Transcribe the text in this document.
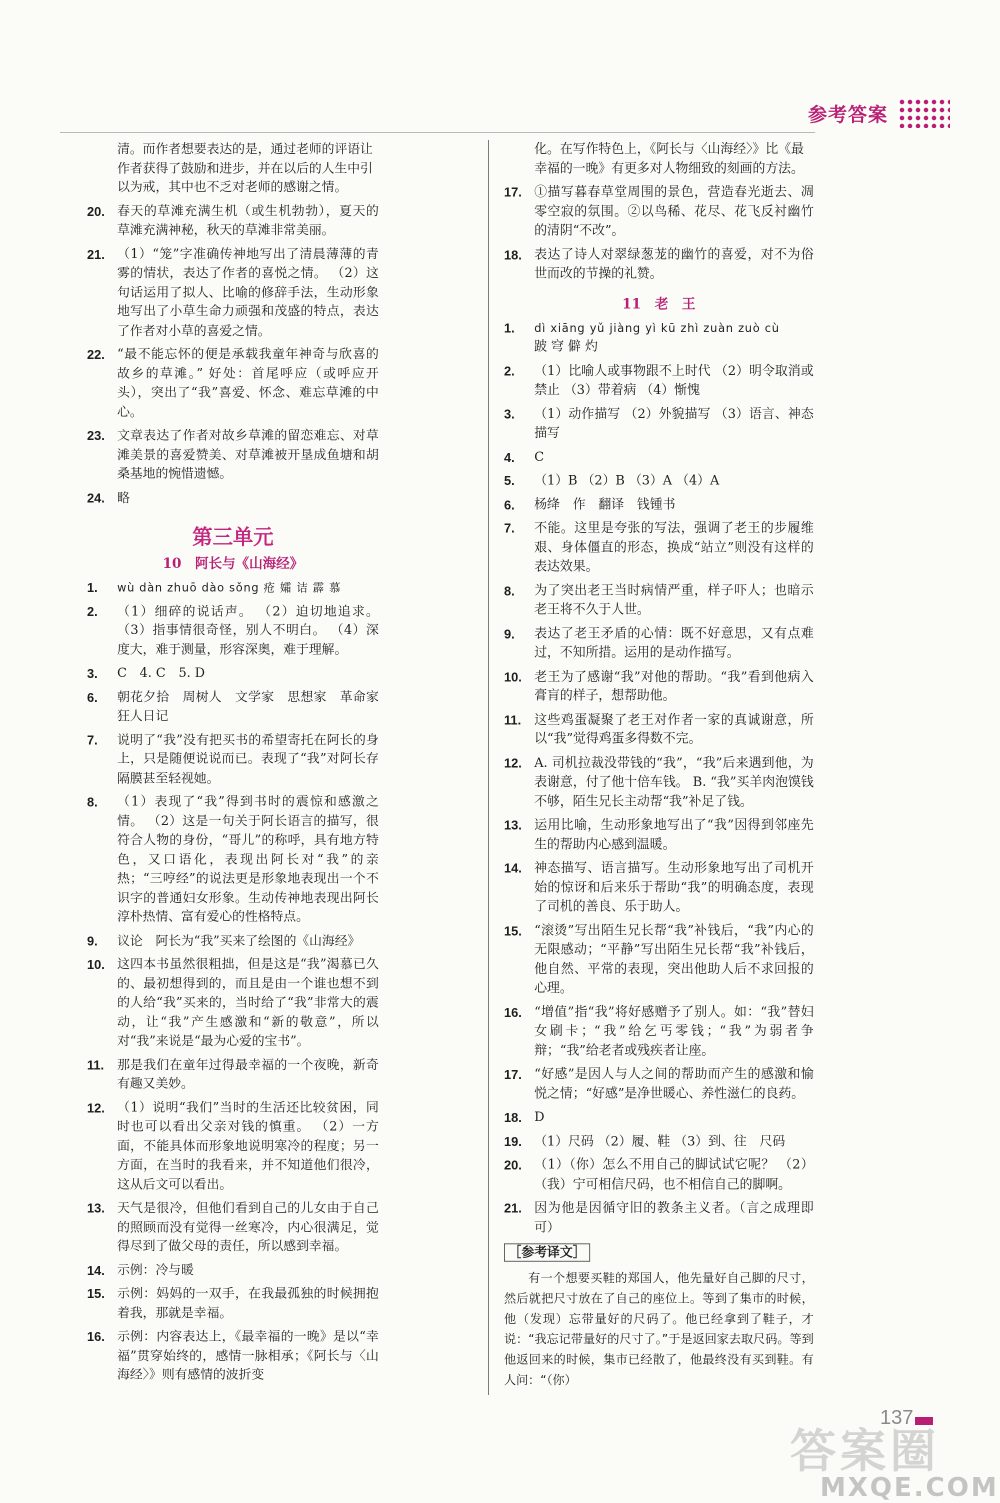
参考答案
清。而作者想要表达的是，通过老师的评语让作者获得了鼓励和进步，并在以后的人生中引以为戒，其中也不乏对老师的感谢之情。
20. 春天的草滩充满生机（或生机勃勃），夏天的草滩充满神秘，秋天的草滩非常美丽。
21. （1）“笼”字准确传神地写出了清晨薄薄的青雾的情状，表达了作者的喜悦之情。 （2）这句话运用了拟人、比喻的修辞手法，生动形象地写出了小草生命力顽强和茂盛的特点，表达了作者对小草的喜爱之情。
22. “最不能忘怀的便是承载我童年神奇与欣喜的故乡的草滩。” 好处：首尾呼应（或呼应开头），突出了“我”喜爱、怀念、难忘草滩的中心。
23. 文章表达了作者对故乡草滩的留恋难忘、对草滩美景的喜爱赞美、对草滩被开垦成鱼塘和胡桑基地的惋惜遗憾。
24. 略
第三单元
10　阿长与《山海经》
1.	wù dàn zhuō dào sǒng 疮 孀 诘 霹 慕
2.	（1）细碎的说话声。 （2）迫切地追求。 （3）指事情很奇怪，别人不明白。 （4）深度大，难于测量，形容深奥，难于理解。
3.	C　4. C　5. D
6.	朝花夕拾　周树人　文学家　思想家　革命家　狂人日记
7.	说明了“我”没有把买书的希望寄托在阿长的身上，只是随便说说而已。表现了“我”对阿长存隔膜甚至轻视她。
8.	（1）表现了“我”得到书时的震惊和感激之情。 （2）这是一句关于阿长语言的描写，很符合人物的身份，“哥儿”的称呼，具有地方特色，又口语化，表现出阿长对“我”的亲热；“三哼经”的说法更是形象地表现出一个不识字的普通妇女形象。生动传神地表现出阿长淳朴热情、富有爱心的性格特点。
9.	议论　阿长为“我”买来了绘图的《山海经》
10. 这四本书虽然很粗拙，但是这是“我”渴慕已久的、最初想得到的，而且是由一个谁也想不到的人给“我”买来的，当时给了“我”非常大的震动，让“我”产生感激和“新的敬意”，所以对“我”来说是“最为心爱的宝书”。
11. 那是我们在童年过得最幸福的一个夜晚，新奇有趣又美妙。
12. （1）说明“我们”当时的生活还比较贫困，同时也可以看出父亲对钱的慎重。 （2）一方面，不能具体而形象地说明寒冷的程度；另一方面，在当时的我看来，并不知道他们很冷，这从后文可以看出。
13. 天气是很冷，但他们看到自己的儿女由于自己的照顾而没有觉得一丝寒冷，内心很满足，觉得尽到了做父母的责任，所以感到幸福。
14. 示例：冷与暖
15. 示例：妈妈的一双手，在我最孤独的时候拥抱着我，那就是幸福。
16. 示例：内容表达上，《最幸福的一晚》是以“幸福”贯穿始终的，感情一脉相承；《阿长与〈山海经〉》则有感情的波折变
化。在写作特色上，《阿长与〈山海经〉》比《最幸福的一晚》有更多对人物细致的刻画的方法。
17. ①描写暮春草堂周围的景色，营造春光逝去、凋零空寂的氛围。②以鸟稀、花尽、花飞反衬幽竹的清阴“不改”。
18. 表达了诗人对翠绿葱茏的幽竹的喜爱，对不为俗世而改的节操的礼赞。
11　老　王
1.	dì xiāng yǔ jiàng yì kū zhì zuàn zuò cù
跛 穹 僻 灼
2.	（1）比喻人或事物跟不上时代 （2）明令取消或禁止 （3）带着病 （4）惭愧
3.	（1）动作描写 （2）外貌描写 （3）语言、神态描写
4.	C
5.	（1）B （2）B （3）A （4）A
6.	杨绛　作　翻译　钱锺书
7.	不能。这里是夸张的写法，强调了老王的步履维艰、身体僵直的形态，换成“站立”则没有这样的表达效果。
8.	为了突出老王当时病情严重，样子吓人；也暗示老王将不久于人世。
9.	表达了老王矛盾的心情：既不好意思，又有点难过，不知所措。运用的是动作描写。
10. 老王为了感谢“我”对他的帮助。“我”看到他病入膏肓的样子，想帮助他。
11. 这些鸡蛋凝聚了老王对作者一家的真诚谢意，所以“我”觉得鸡蛋多得数不完。
12. A. 司机拉裁没带钱的“我”，“我”后来遇到他，为表谢意，付了他十倍车钱。 B. “我”买羊肉泡馍钱不够，陌生兄长主动帮“我”补足了钱。
13. 运用比喻，生动形象地写出了“我”因得到邻座先生的帮助内心感到温暖。
14. 神态描写、语言描写。生动形象地写出了司机开始的惊讶和后来乐于帮助“我”的明确态度，表现了司机的善良、乐于助人。
15. “滚烫”写出陌生兄长帮“我”补钱后，“我”内心的无限感动；“平静”写出陌生兄长帮“我”补钱后，他自然、平常的表现，突出他助人后不求回报的心理。
16. “增值”指“我”将好感赠予了别人。如：“我”替妇女刷卡；“我”给乞丐零钱；“我”为弱者争辩；“我”给老者或残疾者让座。
17. “好感”是因人与人之间的帮助而产生的感激和愉悦之情；“好感”是净世暖心、养性滋仁的良药。
18. D
19. （1）尺码 （2）履、鞋 （3）到、往　尺码
20. （1）（你）怎么不用自己的脚试试它呢？ （2）（我）宁可相信尺码，也不相信自己的脚啊。
21. 因为他是因循守旧的教条主义者。（言之成理即可）
［参考译文］
有一个想要买鞋的郑国人，他先量好自己脚的尺寸，然后就把尺寸放在了自己的座位上。等到了集市的时候，他（发现）忘带量好的尺码了。他已经拿到了鞋子，才说：“我忘记带量好的尺寸了。”于是返回家去取尺码。等到他返回来的时候，集市已经散了，他最终没有买到鞋。有人问：“（你）
137
答案圈
MXQE.COM
